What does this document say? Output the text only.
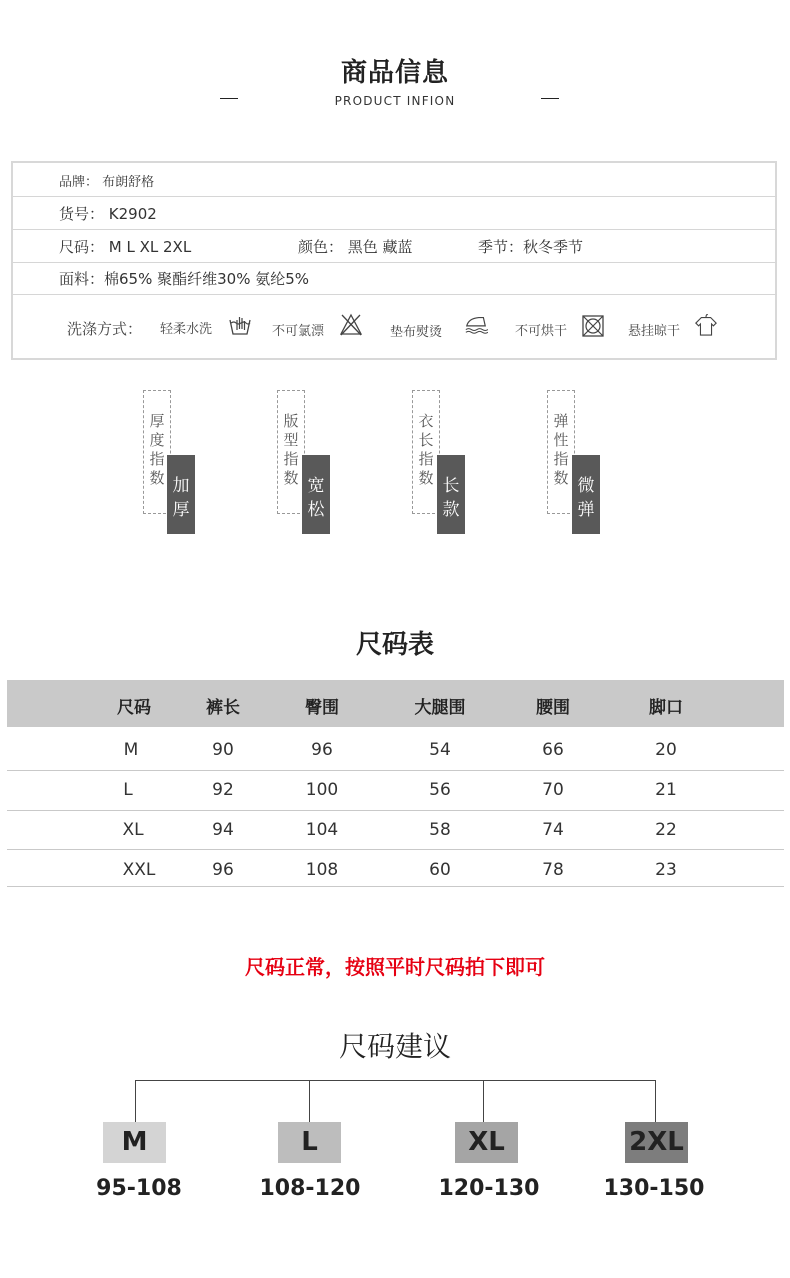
商品信息
PRODUCT INFION
品牌： 布朗舒格
货号： K2902
尺码： M L XL 2XL	颜色： 黑色 藏蓝	季节：秋冬季节
面料：棉65% 聚酯纤维30% 氨纶5%
洗涤方式： 轻柔水洗	不可氯漂	垫布熨烫	不可烘干	悬挂晾干
厚度指数 加厚
版型指数 宽松
衣长指数 长款
弹性指数 微弹
尺码表
尺码	裤长	臀围	大腿围	腰围	脚口
M	90	96	54	66	20
L	92	100	56	70	21
XL	94	104	58	74	22
XXL	96	108	60	78	23
尺码正常，按照平时尺码拍下即可
尺码建议
M	L	XL	2XL
95-108	108-120	120-130	130-150
